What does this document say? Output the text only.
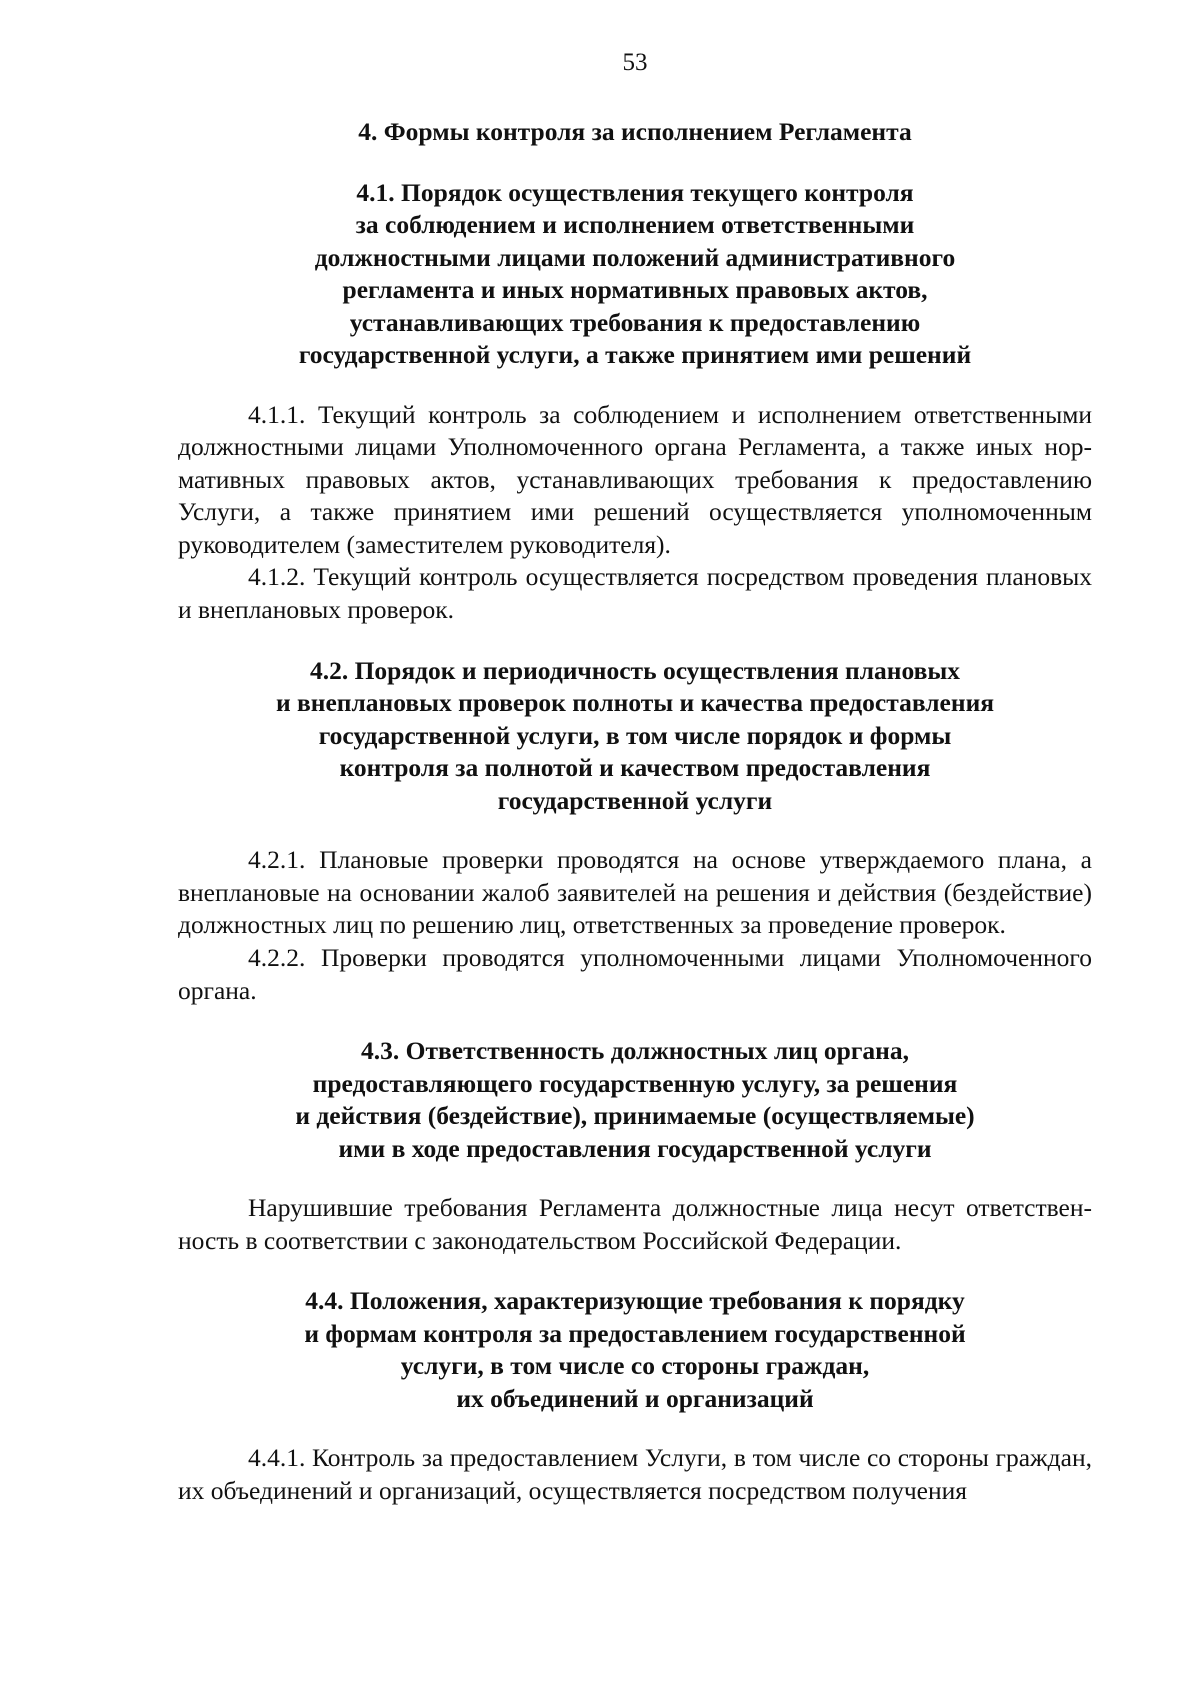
53
4. Формы контроля за исполнением Регламента
4.1. Порядок осуществления текущего контроля
за соблюдением и исполнением ответственными
должностными лицами положений административного
регламента и иных нормативных правовых актов,
устанавливающих требования к предоставлению
государственной услуги, а также принятием ими решений

4.1.1. Текущий контроль за соблюдением и исполнением ответственными должностными лицами Уполномоченного органа Регламента, а также иных нормативных правовых актов, устанавливающих требования к предоставлению Услуги, а также принятием ими решений осуществляется уполномоченным руководителем (заместителем руководителя).

4.1.2. Текущий контроль осуществляется посредством проведения плановых и внеплановых проверок.

4.2. Порядок и периодичность осуществления плановых
и внеплановых проверок полноты и качества предоставления
государственной услуги, в том числе порядок и формы
контроля за полнотой и качеством предоставления
государственной услуги

4.2.1. Плановые проверки проводятся на основе утверждаемого плана, а внеплановые на основании жалоб заявителей на решения и действия (бездействие) должностных лиц по решению лиц, ответственных за проведение проверок.

4.2.2. Проверки проводятся уполномоченными лицами Уполномоченного органа.

4.3. Ответственность должностных лиц органа,
предоставляющего государственную услугу, за решения
и действия (бездействие), принимаемые (осуществляемые)
ими в ходе предоставления государственной услуги

Нарушившие требования Регламента должностные лица несут ответственность в соответствии с законодательством Российской Федерации.

4.4. Положения, характеризующие требования к порядку
и формам контроля за предоставлением государственной
услуги, в том числе со стороны граждан,
их объединений и организаций

4.4.1. Контроль за предоставлением Услуги, в том числе со стороны граждан, их объединений и организаций, осуществляется посредством получения
